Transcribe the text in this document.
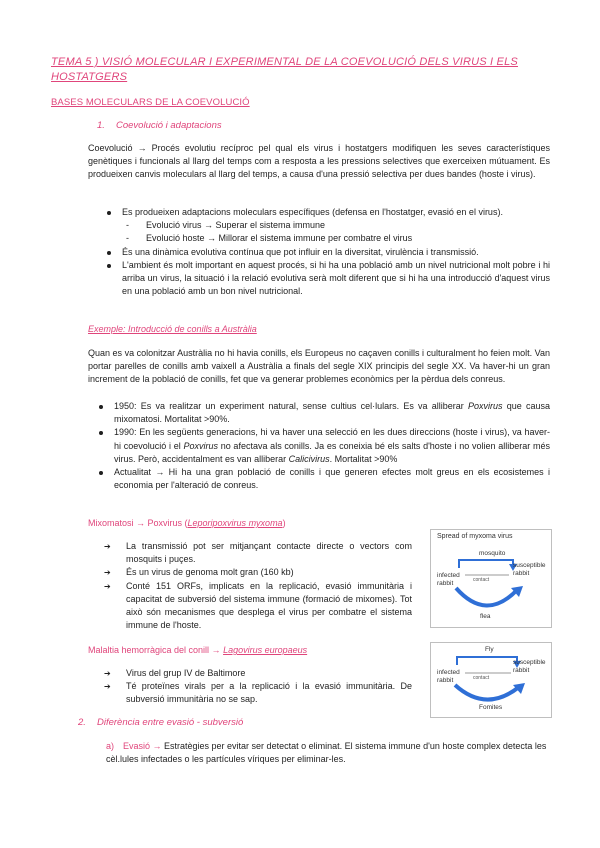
TEMA 5 ) VISIÓ MOLECULAR I EXPERIMENTAL DE LA COEVOLUCIÓ DELS VIRUS I ELS HOSTATGERS
BASES MOLECULARS DE LA COEVOLUCIÓ
1. Coevolució i adaptacions
Coevolució → Procés evolutiu recíproc pel qual els virus i hostatgers modifiquen les seves característiques genètiques i funcionals al llarg del temps com a resposta a les pressions selectives que exerceixen mútuament. Es produeixen canvis moleculars al llarg del temps, a causa d'una pressió selectiva per dues bandes (hoste i virus).
Es produeixen adaptacions moleculars específiques (defensa en l'hostatger, evasió en el virus).
- Evolució virus → Superar el sistema immune
- Evolució hoste → Millorar el sistema immune per combatre el virus
És una dinàmica evolutiva contínua que pot influir en la diversitat, virulència i transmissió.
L'ambient és molt important en aquest procés, si hi ha una població amb un nivel nutricional molt pobre i hi arriba un virus, la situació i la relació evolutiva serà molt diferent que si hi ha una introducció d'aquest virus en una població amb un bon nivel nutricional.
Exemple: Introducció de conills a Austràlia
Quan es va colonitzar Austràlia no hi havia conills, els Europeus no caçaven conills i culturalment ho feien molt. Van portar parelles de conills amb vaixell a Austràlia a finals del segle XIX principis del segle XX. Va haver-hi un gran increment de la població de conills, fet que va generar problemes econòmics per la pèrdua dels conreus.
1950: Es va realitzar un experiment natural, sense cultius cel·lulars. Es va alliberar Poxvirus que causa mixomatosi. Mortalitat >90%.
1990: En les següents generacions, hi va haver una selecció en les dues direccions (hoste i virus), va haver-hi coevolució i el Poxvirus no afectava als conills. Ja es coneixia bé els salts d'hoste i no volien alliberar més virus. Però, accidentalment es van alliberar Calicivirus. Mortalitat >90%
Actualitat → Hi ha una gran població de conills i que generen efectes molt greus en els ecosistemes i economia per l'alteració de conreus.
Mixomatosi → Poxvirus (Leporipoxvirus myxoma)
➔ La transmissió pot ser mitjançant contacte directe o vectors com mosquits i puçes.
➔ És un virus de genoma molt gran (160 kb)
➔ Conté 151 ORFs, implicats en la replicació, evasió immunitària i capacitat de subversió del sistema immune (formació de mixomes). Tot això són mecanismes que desplega el virus per combatre el sistema immune de l'hoste.
Malaltia hemorràgica del conill → Lagovirus europaeus
➔ Virus del grup IV de Baltimore
➔ Té proteïnes virals per a la replicació i la evasió immunitària. De subversió immunitària no se sap.
Spread of myxoma virus
mosquito
infected
rabbit
susceptible
rabbit
contact
flea
Fly
infected
rabbit
susceptible
rabbit
contact
Fomites
2. Diferència entre evasió - subversió
a) Evasió → Estratègies per evitar ser detectat o eliminat. El sistema immune d'un hoste complex detecta les cèl.lules infectades o les partícules víriques per eliminar-les.
